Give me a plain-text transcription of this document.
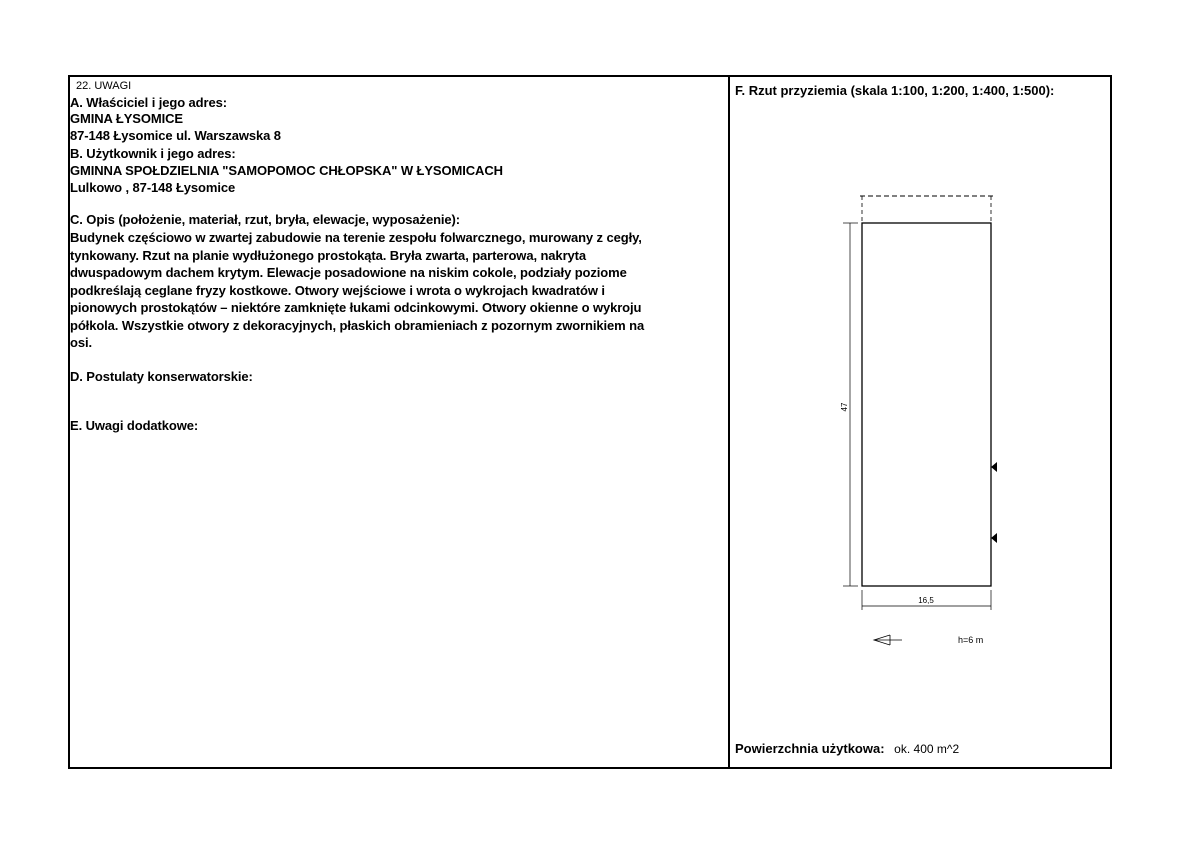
22. UWAGI
A. Właściciel i jego adres:
GMINA ŁYSOMICE
87-148 Łysomice ul. Warszawska 8
B. Użytkownik i jego adres:
GMINNA SPOŁDZIELNIA "SAMOPOMOC CHŁOPSKA" W ŁYSOMICACH
Lulkowo , 87-148 Łysomice
C. Opis (położenie, materiał, rzut, bryła, elewacje, wyposażenie):
Budynek częściowo w zwartej zabudowie na terenie zespołu folwarcznego, murowany z cegły,
tynkowany. Rzut na planie wydłużonego prostokąta. Bryła zwarta, parterowa, nakryta
dwuspadowym dachem krytym. Elewacje posadowione na niskim cokole, podziały poziome
podkreślają ceglane fryzy kostkowe. Otwory wejściowe i wrota o wykrojach kwadratów i
pionowych prostokątów – niektóre zamknięte łukami odcinkowymi. Otwory okienne o wykroju
półkola. Wszystkie otwory z dekoracyjnych, płaskich obramieniach z pozornym zwornikiem na
osi.
D. Postulaty konserwatorskie:
E. Uwagi dodatkowe:
F. Rzut przyziemia (skala 1:100, 1:200, 1:400, 1:500):
47
16,5
h=6 m
Powierzchnia użytkowa: ok. 400 m^2
